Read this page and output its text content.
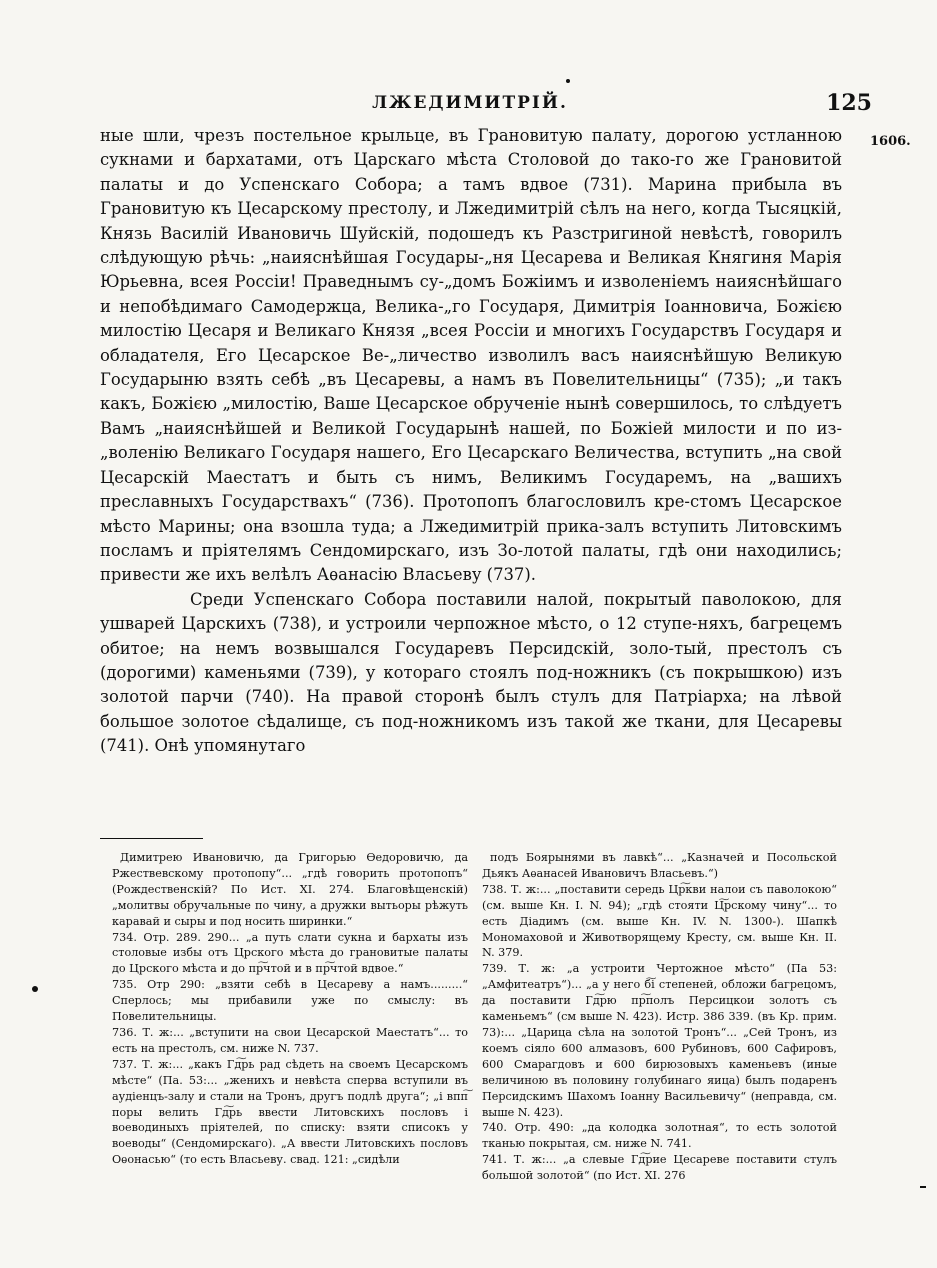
ЛЖЕДИМИТРІЙ.	125
1606.

ные шли, чрезъ постельное крыльце, въ Грановитую палату, дорогою устланною сукнами и бархатами, отъ Царскаго мѣста Столовой до тако-го же Грановитой палаты и до Успенскаго Собора; а тамъ вдвое (731). Марина прибыла въ Грановитую къ Цесарскому престолу, и Лжедимитрій сѣлъ на него, когда Тысяцкій, Князь Василій Ивановичь Шуйскій, подошедъ къ Разстригиной невѣстѣ, говорилъ слѣдующую рѣчь: „наияснѣйшая Государы-„ня Цесарева и Великая Княгиня Марія Юрьевна, всея Россіи! Праведнымъ су-„домъ Божіимъ и изволеніемъ наияснѣйшаго и непобѣдимаго Самодержца, Велика-„го Государя, Димитрія Іоанновича, Божією милостію Цесаря и Великаго Князя „всея Россіи и многихъ Государствъ Государя и обладателя, Его Цесарское Ве-„личество изволилъ васъ наияснѣйшую Великую Государыню взять себѣ „въ Цесаревы, а намъ въ Повелительницы“ (735); „и такъ какъ, Божією „милостію, Ваше Цесарское обрученіе нынѣ совершилось, то слѣдуетъ Вамъ „наияснѣйшей и Великой Государынѣ нашей, по Божіей милости и по из-„воленію Великаго Государя нашего, Его Цесарскаго Величества, вступить „на свой Цесарскій Маестатъ и быть съ нимъ, Великимъ Государемъ, на „вашихъ преславныхъ Государствахъ“ (736). Протопопъ благословилъ кре-стомъ Цесарское мѣсто Марины; она взошла туда; а Лжедимитрій прика-залъ вступить Литовскимъ посламъ и пріятелямъ Сендомирскаго, изъ Зо-лотой палаты, гдѣ они находились; привести же ихъ велѣлъ Аѳанасію Власьеву (737).

Среди Успенскаго Собора поставили налой, покрытый паволокою, для ушварей Царскихъ (738), и устроили черпожное мѣсто, о 12 ступе-няхъ, багрецемъ обитое; на немъ возвышался Государевъ Персидскій, золо-тый, престолъ съ (дорогими) каменьями (739), у котораго стоялъ под-ножникъ (съ покрышкою) изъ золотой парчи (740). На правой сторонѣ былъ стулъ для Патріарха; на лѣвой большое золотое сѣдалище, съ под-ножникомъ изъ такой же ткани, для Цесаревы (741). Онѣ упомянутаго

Димитрею Ивановичю, да Григорью Ѳедоровичю, да Ржествевскому протопопу“... „гдѣ говорить протопопъ“ (Рождественскій? По Ист. XI. 274. Благовѣщенскій) „молитвы обручальные по чину, а дружки вытьоры рѣжуть каравай и сыры и под носить ширинки.“

734. Отр. 289. 290... „а путь слати сукна и бархаты изъ столовые избы отъ Црского мѣста до грановитые палаты до Црского мѣста и до пр͠чтой и в пр͠чтой вдвое.“

735. Отр 290: „взяти себѣ в Цесареву а намъ.........“ Сперлось; мы прибавили уже по смыслу: въ Повелительницы.

736. Т. ж:... „вступити на свои Цесарской Маестатъ“... то есть на престолъ, см. ниже N. 737.

737. Т. ж:... „какъ Гд͠рь рад сѣдеть на своемъ Цесарскомъ мѣсте“ (Па. 53:... „женихъ и невѣста сперва вступили въ аудіенцъ-залу и стали на Тронъ, другъ подлѣ друга“; „і впп͠ поры велить Гд͠рь ввести Литовскихъ пословъ і воеводиныхъ пріятелей, по списку: взяти списокъ у воеводы“ (Сендомирскаго). „А ввести Литовскихъ пословъ Оѳонасью“ (то есть Власьеву. свад. 121: „сидѣли

подъ Боярынями въ лавкѣ“... „Казначей и Посольской Дьякъ Аѳанасей Ивановичъ Власьевъ.“)

738. Т. ж:... „поставити середь Цр͠кви налои съ паволокою“ (см. выше Кн. I. N. 94); „гдѣ стояти Ц͠рскому чину“... то есть Діадимъ (см. выше Кн. IV. N. 1300-). Шапкѣ Мономаховой и Животворящему Кресту, см. выше Кн. II. N. 379.

739. Т. ж: „а устроити Чертожное мѣсто“ (Па 53: „Амфитеатръ“)... „а у него б͠і степеней, обложи багрецомъ, да поставити Гд͠рю пр͠полъ Персицкои золотъ съ каменьемъ“ (см выше N. 423). Истр. 386 339. (въ Кр. прим. 73):... „Царица сѣла на золотой Тронъ“... „Сей Тронъ, из коемъ сіяло 600 алмазовъ, 600 Рубиновъ, 600 Сафировъ, 600 Смарагдовъ и 600 бирюзовыхъ каменьевъ (иные величиною въ половину голубинаго яица) былъ подаренъ Персидскимъ Шахомъ Іоанну Васильевичу“ (неправда, см. выше N. 423).

740. Отр. 490: „да колодка золотная“, то есть золотой тканью покрытая, см. ниже N. 741.

741. Т. ж:... „а слевые Гд͠рие Цесареве поставити стулъ большой золотой“ (по Ист. XI. 276
